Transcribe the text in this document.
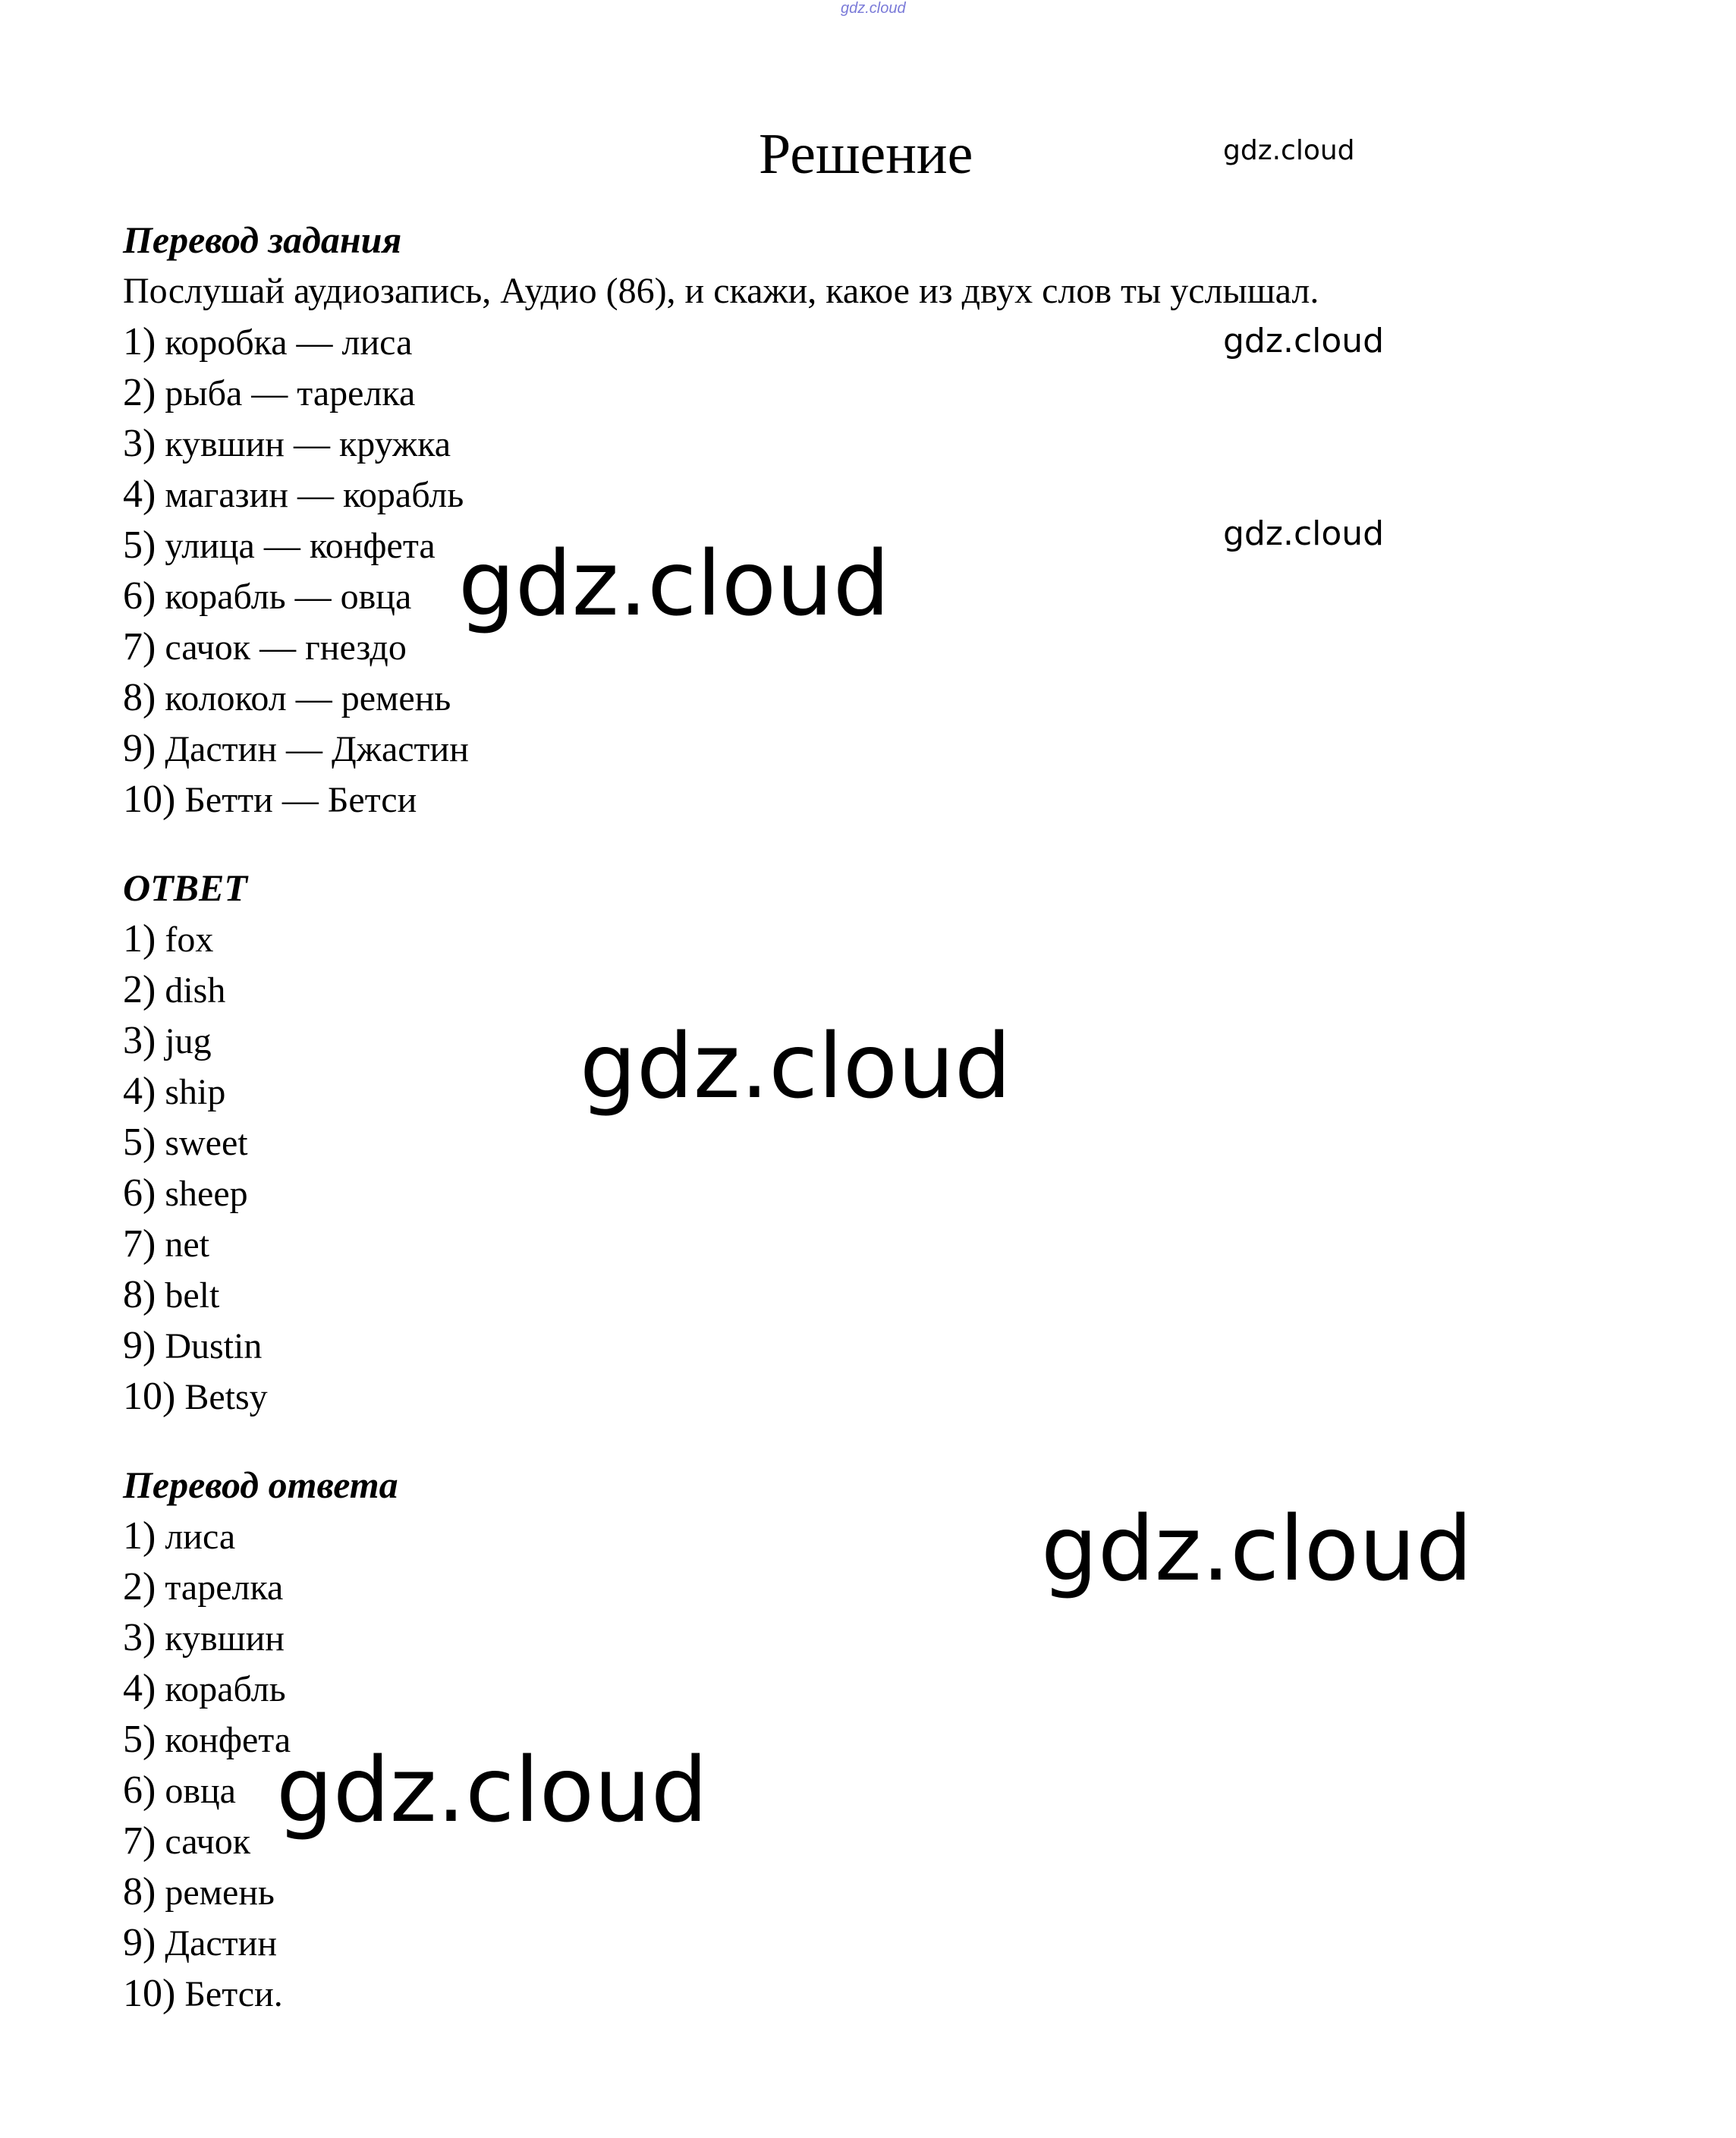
gdz.cloud
Решение	gdz.cloud
gdz.cloud
gdz.cloud
Перевод задания
Послушай аудиозапись, Аудио (86), и скажи, какое из двух слов ты услышал.
1) коробка — лиса
2) рыба — тарелка
3) кувшин — кружка
4) магазин — корабль
5) улица — конфета
6) корабль — овца
7) сачок — гнездо
8) колокол — ремень
9) Дастин — Джастин
10) Бетти — Бетси
ОТВЕТ
1) fox
2) dish
3) jug
4) ship
5) sweet
6) sheep
7) net
8) belt
9) Dustin
10) Betsy
Перевод ответа
1) лиса
2) тарелка
3) кувшин
4) корабль
5) конфета
6) овца
7) сачок
8) ремень
9) Дастин
10) Бетси.
gdz.cloud
gdz.cloud
gdz.cloud
gdz.cloud
